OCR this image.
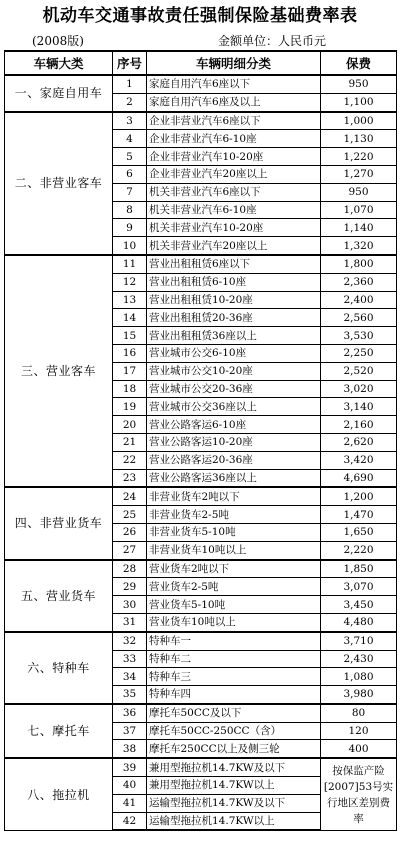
机动车交通事故责任强制保险基础费率表
(2008版)	金额单位：人民币元
车辆大类	序号	车辆明细分类	保费
一、家庭自用车	1	家庭自用汽车6座以下	950
	2	家庭自用汽车6座及以上	1,100
二、非营业客车	3	企业非营业汽车6座以下	1,000
	4	企业非营业汽车6-10座	1,130
	5	企业非营业汽车10-20座	1,220
	6	企业非营业汽车20座以上	1,270
	7	机关非营业汽车6座以下	950
	8	机关非营业汽车6-10座	1,070
	9	机关非营业汽车10-20座	1,140
	10	机关非营业汽车20座以上	1,320
三、营业客车	11	营业出租租赁6座以下	1,800
	12	营业出租租赁6-10座	2,360
	13	营业出租租赁10-20座	2,400
	14	营业出租租赁20-36座	2,560
	15	营业出租租赁36座以上	3,530
	16	营业城市公交6-10座	2,250
	17	营业城市公交10-20座	2,520
	18	营业城市公交20-36座	3,020
	19	营业城市公交36座以上	3,140
	20	营业公路客运6-10座	2,160
	21	营业公路客运10-20座	2,620
	22	营业公路客运20-36座	3,420
	23	营业公路客运36座以上	4,690
四、非营业货车	24	非营业货车2吨以下	1,200
	25	非营业货车2-5吨	1,470
	26	非营业货车5-10吨	1,650
	27	非营业货车10吨以上	2,220
五、营业货车	28	营业货车2吨以下	1,850
	29	营业货车2-5吨	3,070
	30	营业货车5-10吨	3,450
	31	营业货车10吨以上	4,480
六、特种车	32	特种车一	3,710
	33	特种车二	2,430
	34	特种车三	1,080
	35	特种车四	3,980
七、摩托车	36	摩托车50CC及以下	80
	37	摩托车50CC-250CC（含）	120
	38	摩托车250CC以上及侧三轮	400
八、拖拉机	39	兼用型拖拉机14.7KW及以下	按保监产险[2007]53号实行地区差别费率
	40	兼用型拖拉机14.7KW以上	
	41	运输型拖拉机14.7KW及以下	
	42	运输型拖拉机14.7KW以上	
